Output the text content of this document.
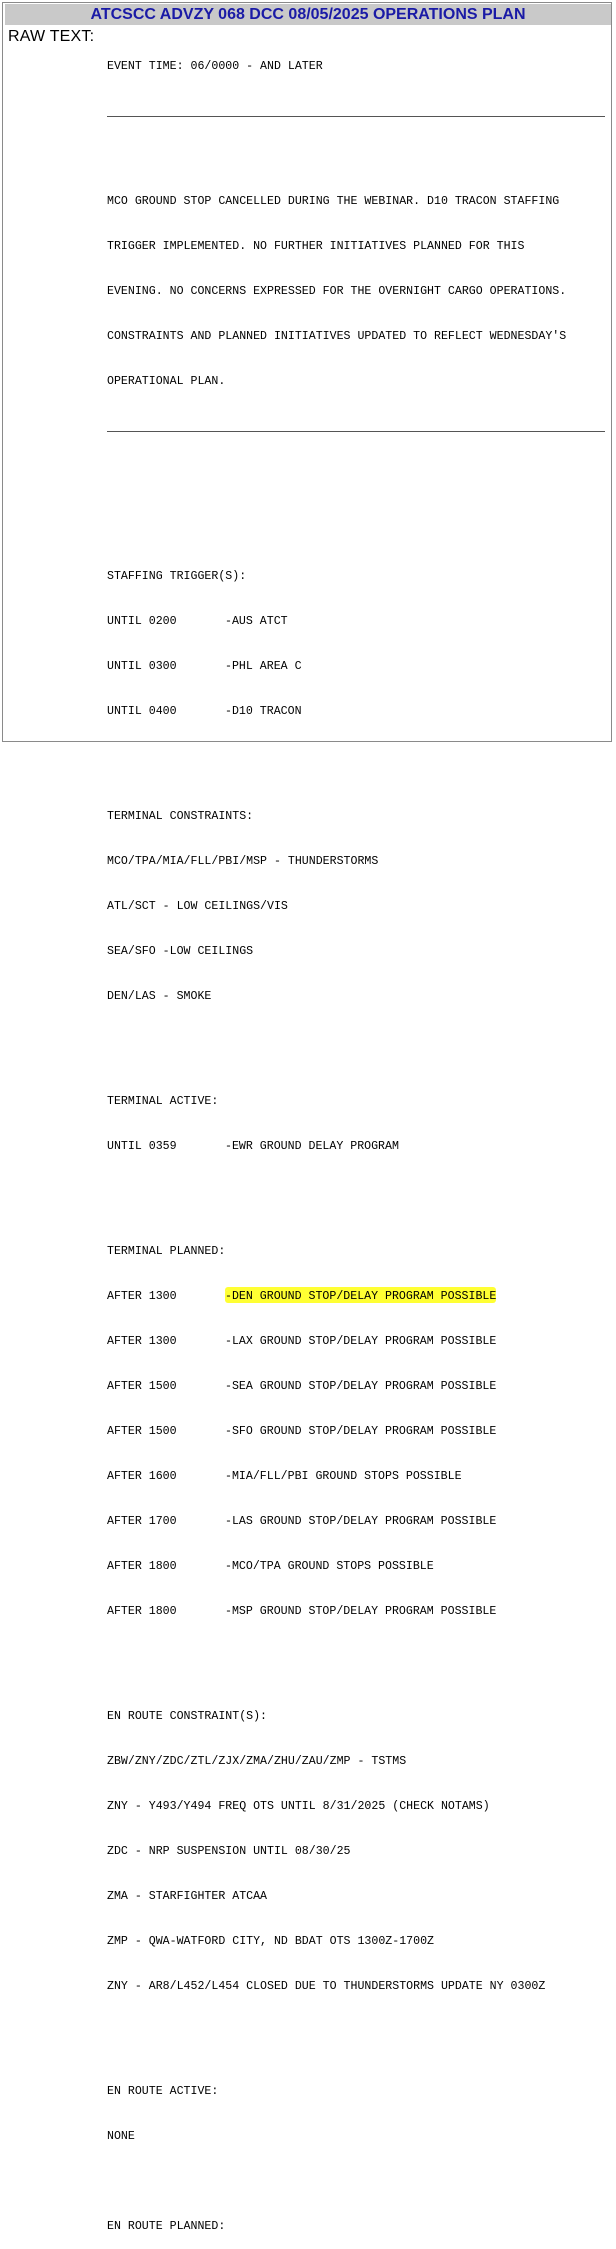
ATCSCC ADVZY 068 DCC 08/05/2025 OPERATIONS PLAN
RAW TEXT:

EVENT TIME: 06/0000 - AND LATER

MCO GROUND STOP CANCELLED DURING THE WEBINAR. D10 TRACON STAFFING

TRIGGER IMPLEMENTED. NO FURTHER INITIATIVES PLANNED FOR THIS

EVENING. NO CONCERNS EXPRESSED FOR THE OVERNIGHT CARGO OPERATIONS.

CONSTRAINTS AND PLANNED INITIATIVES UPDATED TO REFLECT WEDNESDAY'S

OPERATIONAL PLAN.

STAFFING TRIGGER(S):

UNTIL 0200	-AUS ATCT

UNTIL 0300	-PHL AREA C

UNTIL 0400	-D10 TRACON

TERMINAL CONSTRAINTS:

MCO/TPA/MIA/FLL/PBI/MSP - THUNDERSTORMS

ATL/SCT - LOW CEILINGS/VIS

SEA/SFO -LOW CEILINGS

DEN/LAS - SMOKE

TERMINAL ACTIVE:

UNTIL 0359	-EWR GROUND DELAY PROGRAM

TERMINAL PLANNED:

AFTER 1300	-DEN GROUND STOP/DELAY PROGRAM POSSIBLE

AFTER 1300	-LAX GROUND STOP/DELAY PROGRAM POSSIBLE

AFTER 1500	-SEA GROUND STOP/DELAY PROGRAM POSSIBLE

AFTER 1500	-SFO GROUND STOP/DELAY PROGRAM POSSIBLE

AFTER 1600	-MIA/FLL/PBI GROUND STOPS POSSIBLE

AFTER 1700	-LAS GROUND STOP/DELAY PROGRAM POSSIBLE

AFTER 1800	-MCO/TPA GROUND STOPS POSSIBLE

AFTER 1800	-MSP GROUND STOP/DELAY PROGRAM POSSIBLE

EN ROUTE CONSTRAINT(S):

ZBW/ZNY/ZDC/ZTL/ZJX/ZMA/ZHU/ZAU/ZMP - TSTMS

ZNY - Y493/Y494 FREQ OTS UNTIL 8/31/2025 (CHECK NOTAMS)

ZDC - NRP SUSPENSION UNTIL 08/30/25

ZMA - STARFIGHTER ATCAA

ZMP - QWA-WATFORD CITY, ND BDAT OTS 1300Z-1700Z

ZNY - AR8/L452/L454 CLOSED DUE TO THUNDERSTORMS UPDATE NY 0300Z

EN ROUTE ACTIVE:

NONE

EN ROUTE PLANNED:
